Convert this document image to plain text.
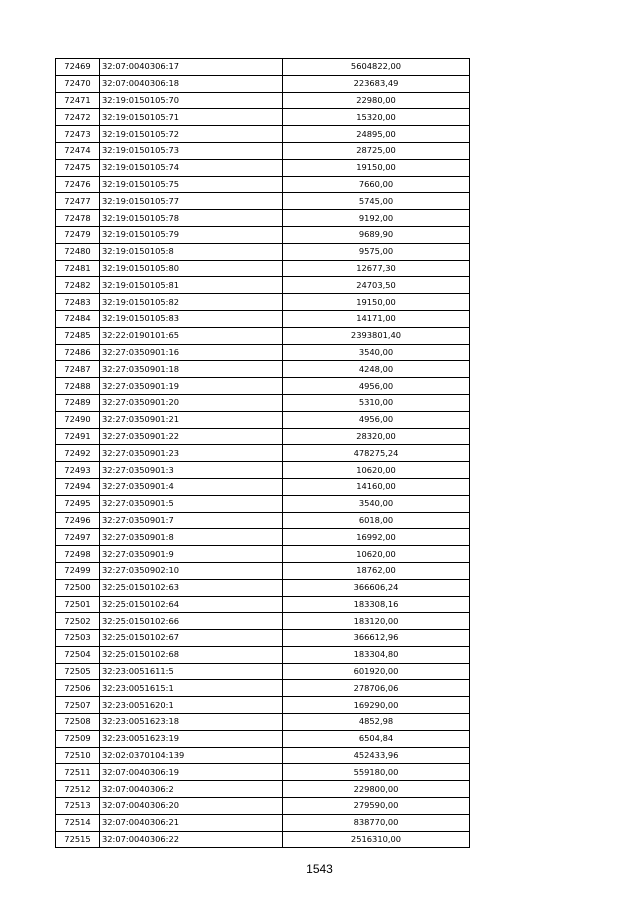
72469	32:07:0040306:17	5604822,00
72470	32:07:0040306:18	223683,49
72471	32:19:0150105:70	22980,00
72472	32:19:0150105:71	15320,00
72473	32:19:0150105:72	24895,00
72474	32:19:0150105:73	28725,00
72475	32:19:0150105:74	19150,00
72476	32:19:0150105:75	7660,00
72477	32:19:0150105:77	5745,00
72478	32:19:0150105:78	9192,00
72479	32:19:0150105:79	9689,90
72480	32:19:0150105:8	9575,00
72481	32:19:0150105:80	12677,30
72482	32:19:0150105:81	24703,50
72483	32:19:0150105:82	19150,00
72484	32:19:0150105:83	14171,00
72485	32:22:0190101:65	2393801,40
72486	32:27:0350901:16	3540,00
72487	32:27:0350901:18	4248,00
72488	32:27:0350901:19	4956,00
72489	32:27:0350901:20	5310,00
72490	32:27:0350901:21	4956,00
72491	32:27:0350901:22	28320,00
72492	32:27:0350901:23	478275,24
72493	32:27:0350901:3	10620,00
72494	32:27:0350901:4	14160,00
72495	32:27:0350901:5	3540,00
72496	32:27:0350901:7	6018,00
72497	32:27:0350901:8	16992,00
72498	32:27:0350901:9	10620,00
72499	32:27:0350902:10	18762,00
72500	32:25:0150102:63	366606,24
72501	32:25:0150102:64	183308,16
72502	32:25:0150102:66	183120,00
72503	32:25:0150102:67	366612,96
72504	32:25:0150102:68	183304,80
72505	32:23:0051611:5	601920,00
72506	32:23:0051615:1	278706,06
72507	32:23:0051620:1	169290,00
72508	32:23:0051623:18	4852,98
72509	32:23:0051623:19	6504,84
72510	32:02:0370104:139	452433,96
72511	32:07:0040306:19	559180,00
72512	32:07:0040306:2	229800,00
72513	32:07:0040306:20	279590,00
72514	32:07:0040306:21	838770,00
72515	32:07:0040306:22	2516310,00
1543
